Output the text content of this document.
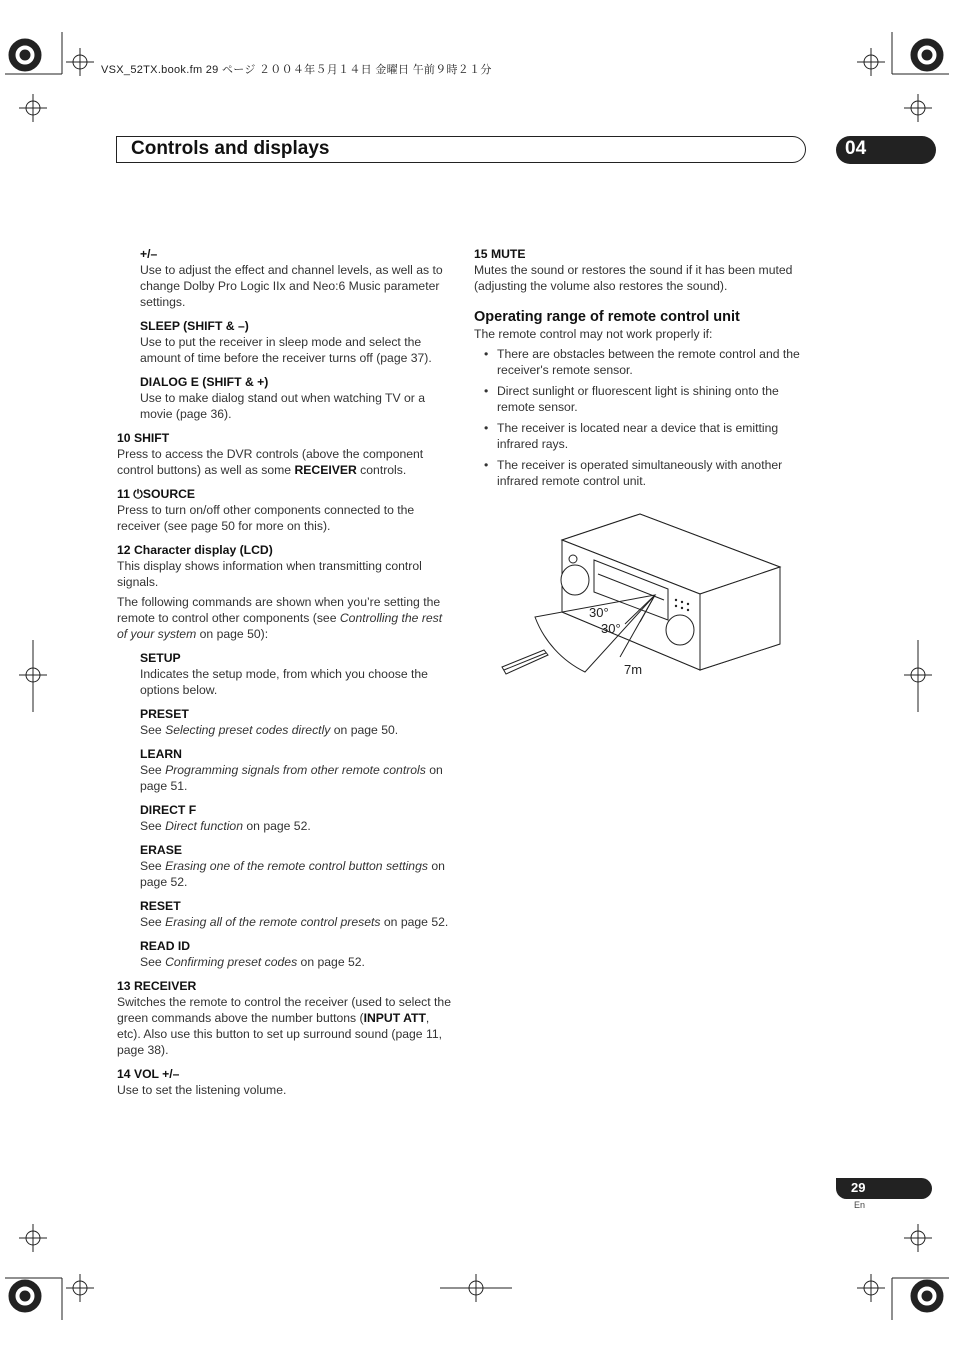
VSX_52TX.book.fm 29 ページ ２００４年５月１４日 金曜日 午前９時２１分
Controls and displays	04

+/–

Use to adjust the effect and channel levels, as well as to change Dolby Pro Logic IIx and Neo:6 Music parameter settings.

SLEEP (SHIFT & –)

Use to put the receiver in sleep mode and select the amount of time before the receiver turns off (page 37).

DIALOG E (SHIFT & +)

Use to make dialog stand out when watching TV or a movie (page 36).

10 SHIFT

Press to access the DVR controls (above the component control buttons) as well as some RECEIVER controls.

11 ⏻SOURCE

Press to turn on/off other components connected to the receiver (see page 50 for more on this).

12 Character display (LCD)

This display shows information when transmitting control signals.

The following commands are shown when you’re setting the remote to control other components (see Controlling the rest of your system on page 50):

SETUP

Indicates the setup mode, from which you choose the options below.

PRESET

See Selecting preset codes directly on page 50.

LEARN

See Programming signals from other remote controls on page 51.

DIRECT F

See Direct function on page 52.

ERASE

See Erasing one of the remote control button settings on page 52.

RESET

See Erasing all of the remote control presets on page 52.

READ ID

See Confirming preset codes on page 52.

13 RECEIVER

Switches the remote to control the receiver (used to select the green commands above the number buttons (INPUT ATT, etc). Also use this button to set up surround sound (page 11, page 38).

14 VOL +/–

Use to set the listening volume.

15 MUTE

Mutes the sound or restores the sound if it has been muted (adjusting the volume also restores the sound).

Operating range of remote control unit

The remote control may not work properly if:

• There are obstacles between the remote control and the receiver's remote sensor.
• Direct sunlight or fluorescent light is shining onto the remote sensor.
• The receiver is located near a device that is emitting infrared rays.
• The receiver is operated simultaneously with another infrared remote control unit.
30°
30°
7m
29
En
